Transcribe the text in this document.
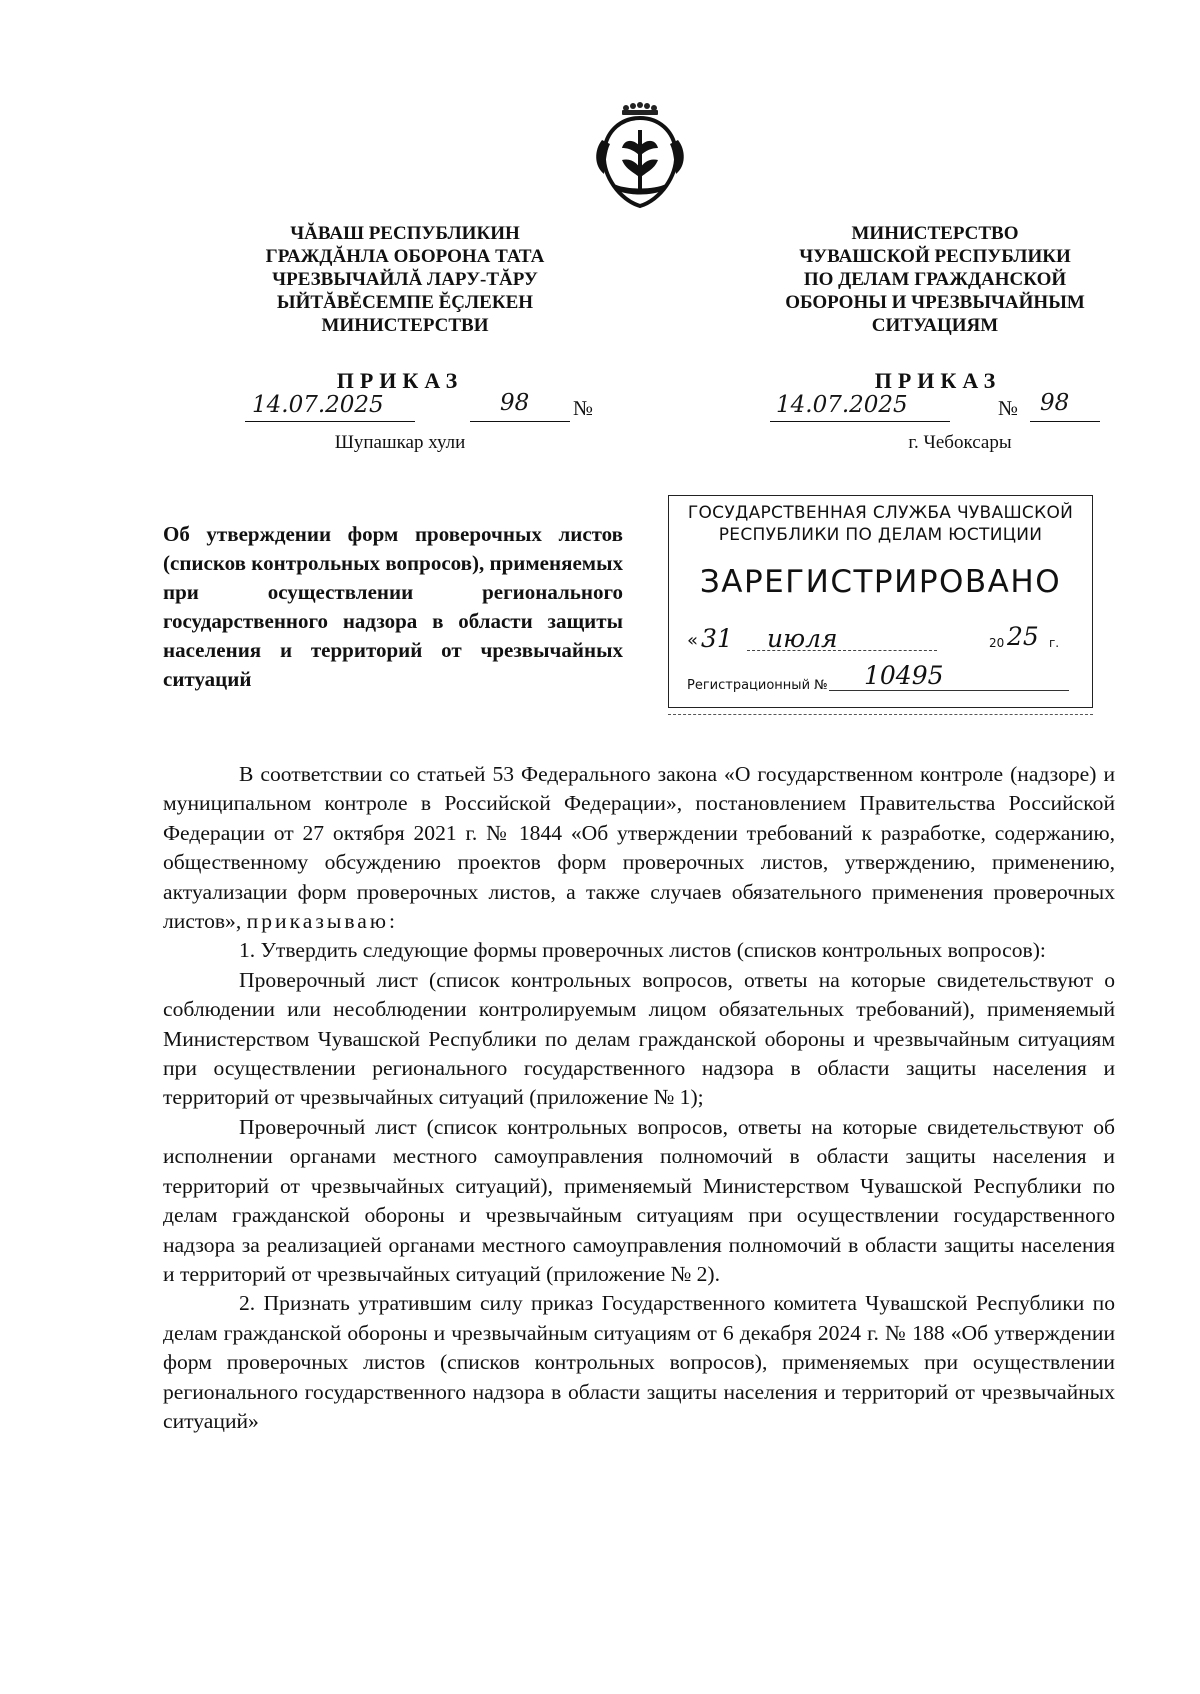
ЧĂВАШ РЕСПУБЛИКИН
ГРАЖДĂНЛА ОБОРОНА ТАТА
ЧРЕЗВЫЧАЙЛĂ ЛАРУ-ТĂРУ
ЫЙТĂВĔСЕМПЕ ĔÇЛЕКЕН
МИНИСТЕРСТВИ
МИНИСТЕРСТВО
ЧУВАШСКОЙ РЕСПУБЛИКИ
ПО ДЕЛАМ ГРАЖДАНСКОЙ
ОБОРОНЫ И ЧРЕЗВЫЧАЙНЫМ
СИТУАЦИЯМ
ПРИКАЗ	ПРИКАЗ
14.07.2025	98 №
Шупашкар хули
14.07.2025	№ 98
г. Чебоксары
Об утверждении форм проверочных листов (списков контрольных вопросов), применяемых при осуществлении регионального государственного надзора в области защиты населения и территорий от чрезвычайных ситуаций
ГОСУДАРСТВЕННАЯ СЛУЖБА ЧУВАШСКОЙ
РЕСПУБЛИКИ ПО ДЕЛАМ ЮСТИЦИИ
ЗАРЕГИСТРИРОВАНО
« 31 июля	20 25 г.
Регистрационный № 10495

В соответствии со статьей 53 Федерального закона «О государственном контроле (надзоре) и муниципальном контроле в Российской Федерации», постановлением Правительства Российской Федерации от 27 октября 2021 г. № 1844 «Об утверждении требований к разработке, содержанию, общественному обсуждению проектов форм проверочных листов, утверждению, применению, актуализации форм проверочных листов, а также случаев обязательного применения проверочных листов», приказываю:

1. Утвердить следующие формы проверочных листов (списков контрольных вопросов):

Проверочный лист (список контрольных вопросов, ответы на которые свидетельствуют о соблюдении или несоблюдении контролируемым лицом обязательных требований), применяемый Министерством Чувашской Республики по делам гражданской обороны и чрезвычайным ситуациям при осуществлении регионального государственного надзора в области защиты населения и территорий от чрезвычайных ситуаций (приложение № 1);

Проверочный лист (список контрольных вопросов, ответы на которые свидетельствуют об исполнении органами местного самоуправления полномочий в области защиты населения и территорий от чрезвычайных ситуаций), применяемый Министерством Чувашской Республики по делам гражданской обороны и чрезвычайным ситуациям при осуществлении государственного надзора за реализацией органами местного самоуправления полномочий в области защиты населения и территорий от чрезвычайных ситуаций (приложение № 2).

2. Признать утратившим силу приказ Государственного комитета Чувашской Республики по делам гражданской обороны и чрезвычайным ситуациям от 6 декабря 2024 г. № 188 «Об утверждении форм проверочных листов (списков контрольных вопросов), применяемых при осуществлении регионального государственного надзора в области защиты населения и территорий от чрезвычайных ситуаций»
